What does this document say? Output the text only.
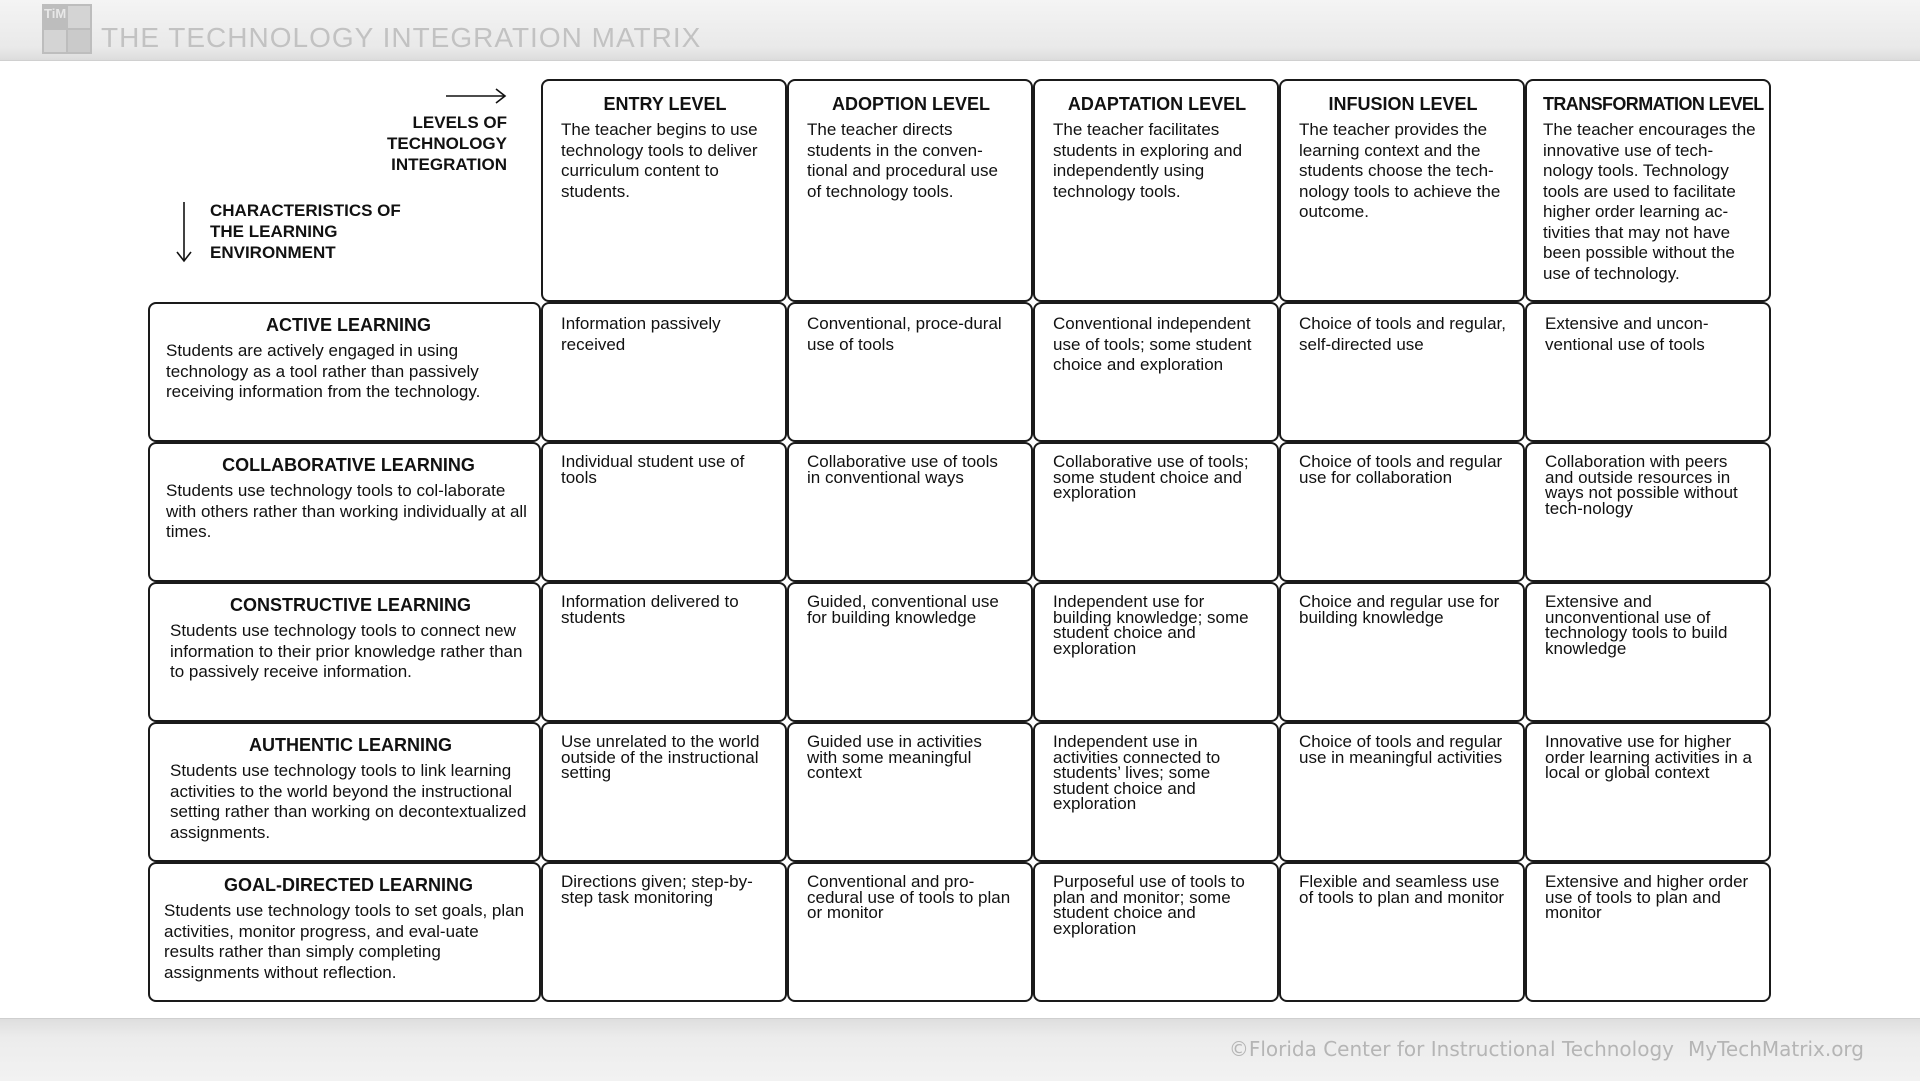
TiM
THE TECHNOLOGY INTEGRATION MATRIX
LEVELS OF TECHNOLOGY INTEGRATION
CHARACTERISTICS OF THE LEARNING ENVIRONMENT
ENTRY LEVEL
The teacher begins to use technology tools to deliver curriculum content to students.
ADOPTION LEVEL
The teacher directs students in the conven-tional and procedural use of technology tools.
ADAPTATION LEVEL
The teacher facilitates students in exploring and independently using technology tools.
INFUSION LEVEL
The teacher provides the learning context and the students choose the tech-nology tools to achieve the outcome.
TRANSFORMATION LEVEL
The teacher encourages the innovative use of tech-nology tools. Technology tools are used to facilitate higher order learning ac-tivities that may not have been possible without the use of technology.
ACTIVE LEARNING
Students are actively engaged in using technology as a tool rather than passively receiving information from the technology.
Information passively received
Conventional, proce-dural use of tools
Conventional independent use of tools; some student choice and exploration
Choice of tools and regular, self-directed use
Extensive and uncon-ventional use of tools
COLLABORATIVE LEARNING
Students use technology tools to col-laborate with others rather than working individually at all times.
Individual student use of tools
Collaborative use of tools in conventional ways
Collaborative use of tools; some student choice and exploration
Choice of tools and regular use for collaboration
Collaboration with peers and outside resources in ways not possible without tech-nology
CONSTRUCTIVE LEARNING
Students use technology tools to connect new information to their prior knowledge rather than to passively receive information.
Information delivered to students
Guided, conventional use for building knowledge
Independent use for building knowledge; some student choice and exploration
Choice and regular use for building knowledge
Extensive and unconventional use of technology tools to build knowledge
AUTHENTIC LEARNING
Students use technology tools to link learning activities to the world beyond the instructional setting rather than working on decontextualized assignments.
Use unrelated to the world outside of the instructional setting
Guided use in activities with some meaningful context
Independent use in activities connected to students’ lives; some student choice and exploration
Choice of tools and regular use in meaningful activities
Innovative use for higher order learning activities in a local or global context
GOAL-DIRECTED LEARNING
Students use technology tools to set goals, plan activities, monitor progress, and eval-uate results rather than simply completing assignments without reflection.
Directions given; step-by-step task monitoring
Conventional and pro-cedural use of tools to plan or monitor
Purposeful use of tools to plan and monitor; some student choice and exploration
Flexible and seamless use of tools to plan and monitor
Extensive and higher order use of tools to plan and monitor
©Florida Center for Instructional Technology MyTechMatrix.org
